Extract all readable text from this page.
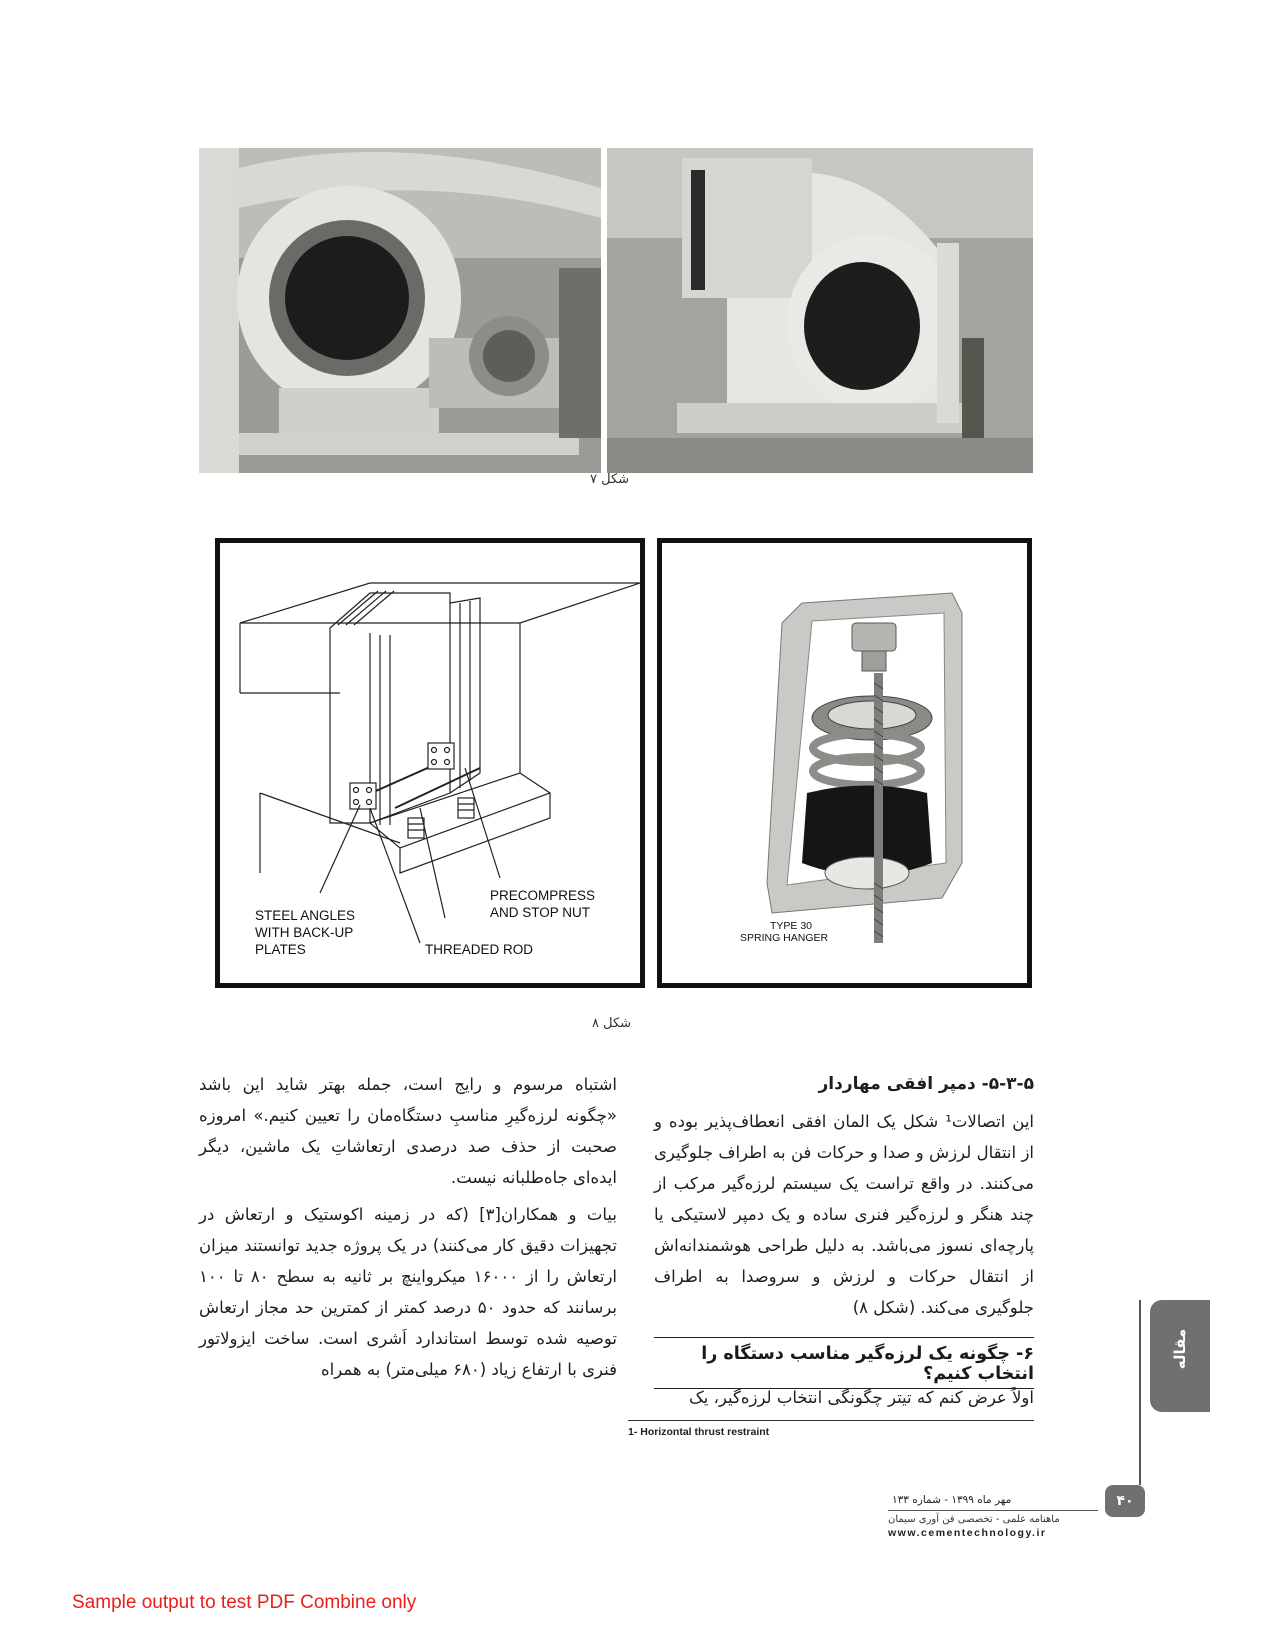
شکل ۷
PRECOMPRESS
AND STOP NUT
STEEL ANGLES
WITH BACK-UP
PLATES	THREADED ROD
TYPE 30
SPRING HANGER
شکل ۸
۵-۳-۵- دمپر افقی مهاردار

این اتصالات¹ شکل یک المان افقی انعطاف‌پذیر بوده و از انتقال لرزش و صدا و حرکات فن به اطراف جلوگیری می‌کنند. در واقع تراست یک سیستم لرزه‌گیر مرکب از چند هنگر و لرزه‌گیر فنری ساده و یک دمپر لاستیکی یا پارچه‌ای نسوز می‌باشد. به دلیل طراحی هوشمندانه‌اش از انتقال حرکات و لرزش و سروصدا به اطراف جلوگیری می‌کند. (شکل ۸)

۶- چگونه یک لرزه‌گیر مناسب دستگاه را انتخاب کنیم؟

اولاً عرض کنم که تیتر چگونگی انتخاب لرزه‌گیر، یک

اشتباه مرسوم و رایج است، جمله بهتر شاید این باشد «چگونه لرزه‌گیرِ مناسبِ دستگاه‌مان را تعیین کنیم.» امروزه صحبت از حذف صد درصدی ارتعاشاتِ یک ماشین، دیگر ایده‌ای جاه‌طلبانه نیست.

بیات و همکاران[۳] (که در زمینه اکوستیک و ارتعاش در تجهیزات دقیق کار می‌کنند) در یک پروژه جدید توانستند میزان ارتعاش را از ۱۶۰۰۰ میکرواینچ بر ثانیه به سطح ۸۰ تا ۱۰۰ برسانند که حدود ۵۰ درصد کمتر از کمترین حد مجاز ارتعاش توصیه شده توسط استاندارد اَشری است. ساخت ایزولاتور فنری با ارتفاع زیاد (۶۸۰ میلی‌متر) به همراه

1- Horizontal thrust restraint
مقاله
۴۰
مهر ماه ۱۳۹۹ - شماره ۱۳۳
ماهنامه علمی - تخصصی فن آوری سیمان
www.cementechnology.ir
Sample output to test PDF Combine only
